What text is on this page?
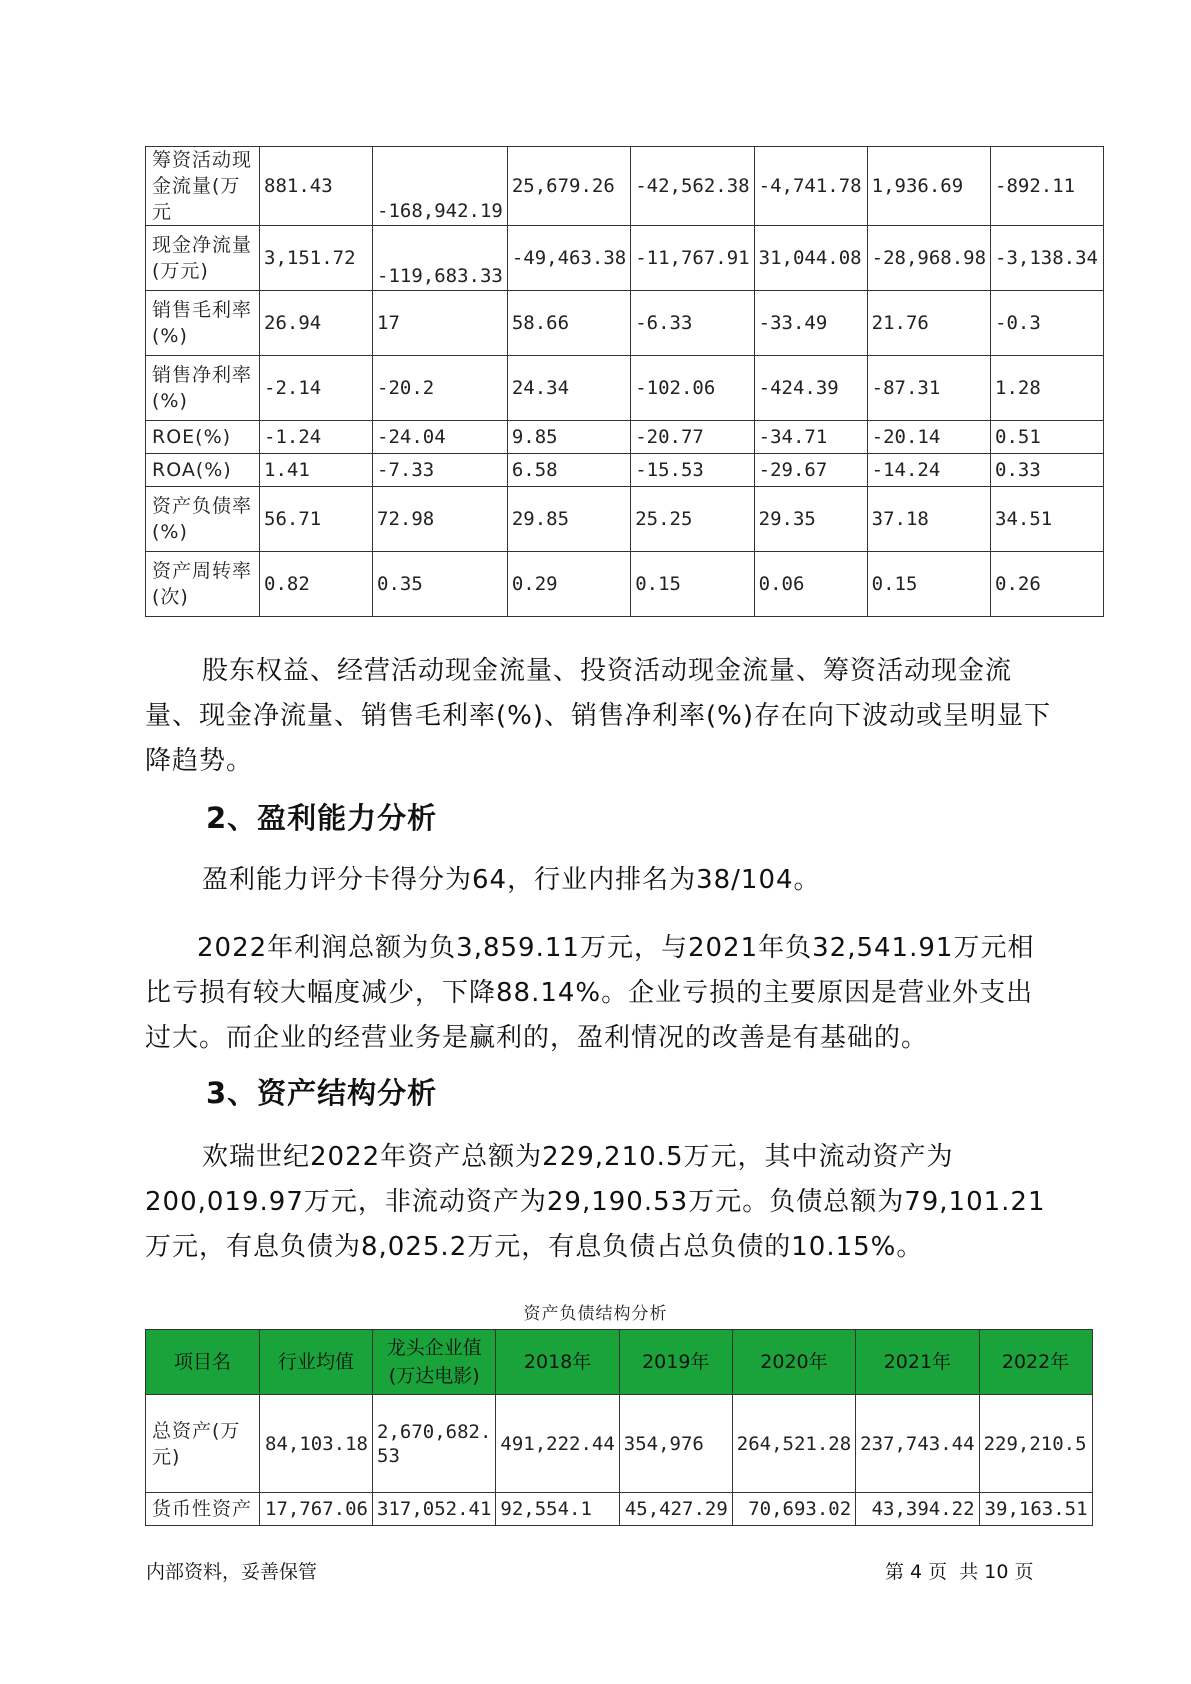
筹资活动现金流量(万元	881.43	-168,942.19	25,679.26	-42,562.38	-4,741.78	1,936.69	-892.11
现金净流量(万元)	3,151.72	-119,683.33	-49,463.38	-11,767.91	31,044.08	-28,968.98	-3,138.34
销售毛利率(%)	26.94	17	58.66	-6.33	-33.49	21.76	-0.3
销售净利率(%)	-2.14	-20.2	24.34	-102.06	-424.39	-87.31	1.28
ROE(%)	-1.24	-24.04	9.85	-20.77	-34.71	-20.14	0.51
ROA(%)	1.41	-7.33	6.58	-15.53	-29.67	-14.24	0.33
资产负债率(%)	56.71	72.98	29.85	25.25	29.35	37.18	34.51
资产周转率(次)	0.82	0.35	0.29	0.15	0.06	0.15	0.26

股东权益、经营活动现金流量、投资活动现金流量、筹资活动现金流量、现金净流量、销售毛利率(%)、销售净利率(%)存在向下波动或呈明显下降趋势。

2、盈利能力分析

盈利能力评分卡得分为64，行业内排名为38/104。

2022年利润总额为负3,859.11万元，与2021年负32,541.91万元相比亏损有较大幅度减少，下降88.14%。企业亏损的主要原因是营业外支出过大。而企业的经营业务是赢利的，盈利情况的改善是有基础的。

3、资产结构分析

欢瑞世纪2022年资产总额为229,210.5万元，其中流动资产为200,019.97万元，非流动资产为29,190.53万元。负债总额为79,101.21万元，有息负债为8,025.2万元，有息负债占总负债的10.15%。

资产负债结构分析
项目名	行业均值	龙头企业值(万达电影)	2018年	2019年	2020年	2021年	2022年
总资产(万元)	84,103.18	2,670,682.53	491,222.44	354,976	264,521.28	237,743.44	229,210.5
货币性资产	17,767.06	317,052.41	92,554.1	45,427.29	70,693.02	43,394.22	39,163.51
内部资料，妥善保管	第 4 页  共 10 页
